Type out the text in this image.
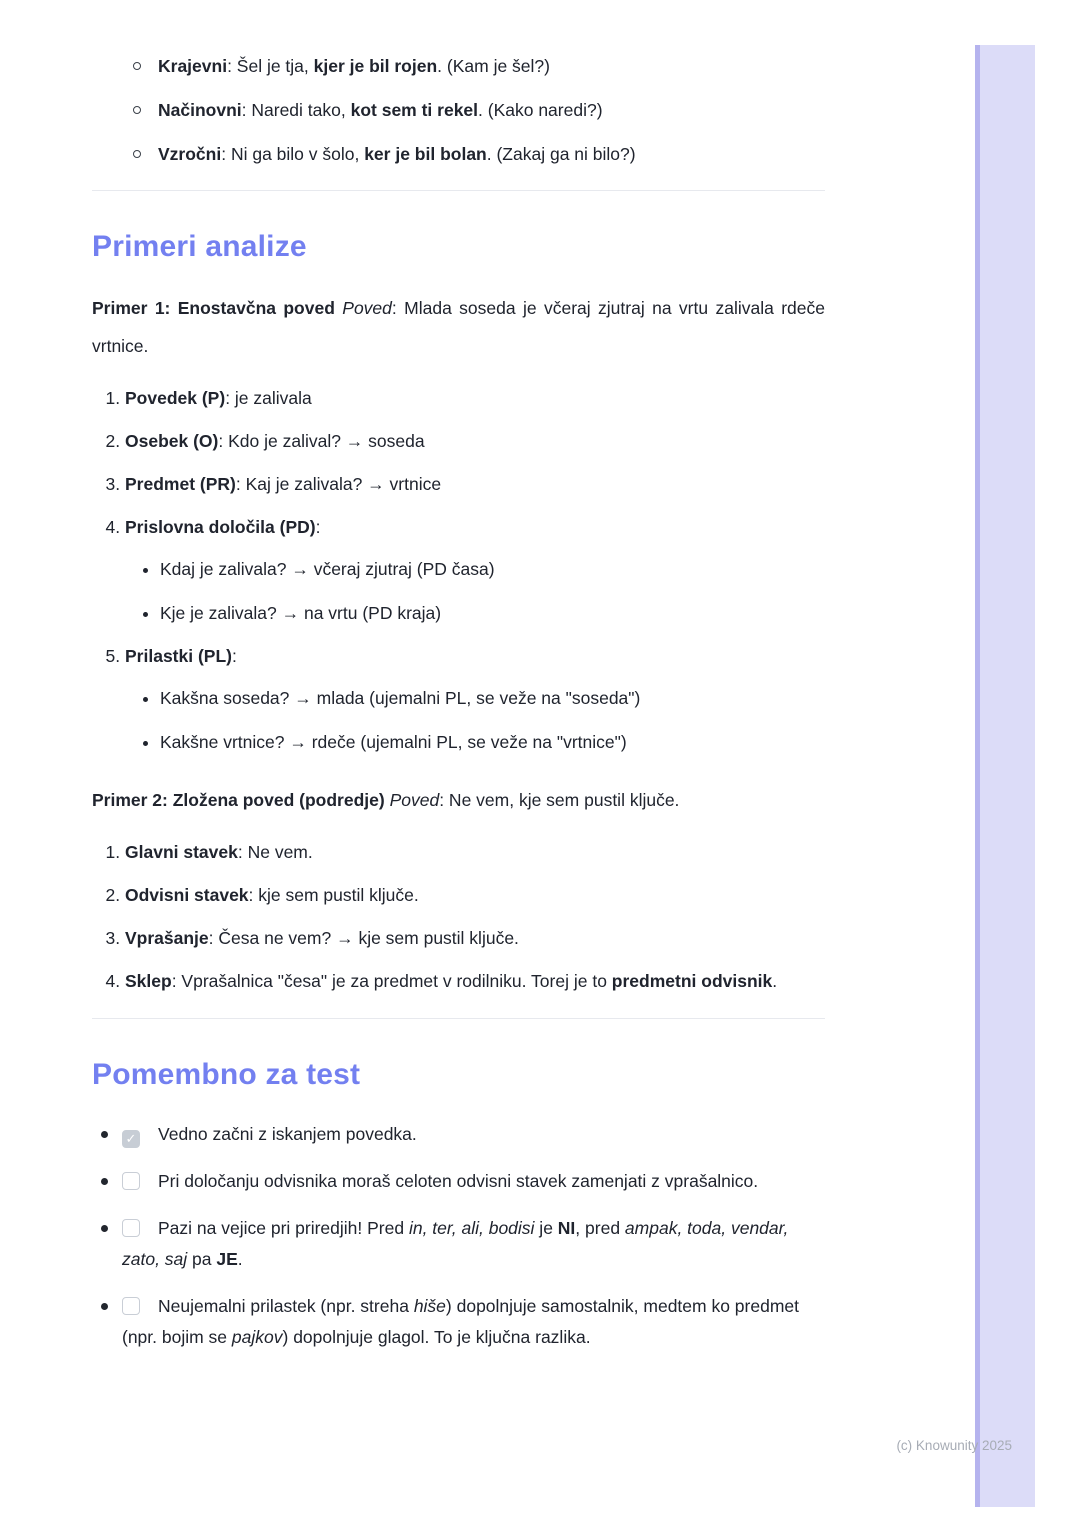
Krajevni: Šel je tja, kjer je bil rojen. (Kam je šel?)
Načinovni: Naredi tako, kot sem ti rekel. (Kako naredi?)
Vzročni: Ni ga bilo v šolo, ker je bil bolan. (Zakaj ga ni bilo?)
Primeri analize

Primer 1: Enostavčna poved Poved: Mlada soseda je včeraj zjutraj na vrtu zalivala rdeče vrtnice.

1. Povedek (P): je zalivala
2. Osebek (O): Kdo je zalival? → soseda
3. Predmet (PR): Kaj je zalivala? → vrtnice
4. Prislovna določila (PD):
• Kdaj je zalivala? → včeraj zjutraj (PD časa)
• Kje je zalivala? → na vrtu (PD kraja)
5. Prilastki (PL):
• Kakšna soseda? → mlada (ujemalni PL, se veže na "soseda")
• Kakšne vrtnice? → rdeče (ujemalni PL, se veže na "vrtnice")

Primer 2: Zložena poved (podredje) Poved: Ne vem, kje sem pustil ključe.

1. Glavni stavek: Ne vem.
2. Odvisni stavek: kje sem pustil ključe.
3. Vprašanje: Česa ne vem? → kje sem pustil ključe.
4. Sklep: Vprašalnica "česa" je za predmet v rodilniku. Torej je to predmetni odvisnik.
Pomembno za test
✓ Vedno začni z iskanjem povedka.
Pri določanju odvisnika moraš celoten odvisni stavek zamenjati z vprašalnico.
Pazi na vejice pri priredjih! Pred in, ter, ali, bodisi je NI, pred ampak, toda, vendar, zato, saj pa JE.
Neujemalni prilastek (npr. streha hiše) dopolnjuje samostalnik, medtem ko predmet (npr. bojim se pajkov) dopolnjuje glagol. To je ključna razlika.
(c) Knowunity 2025
